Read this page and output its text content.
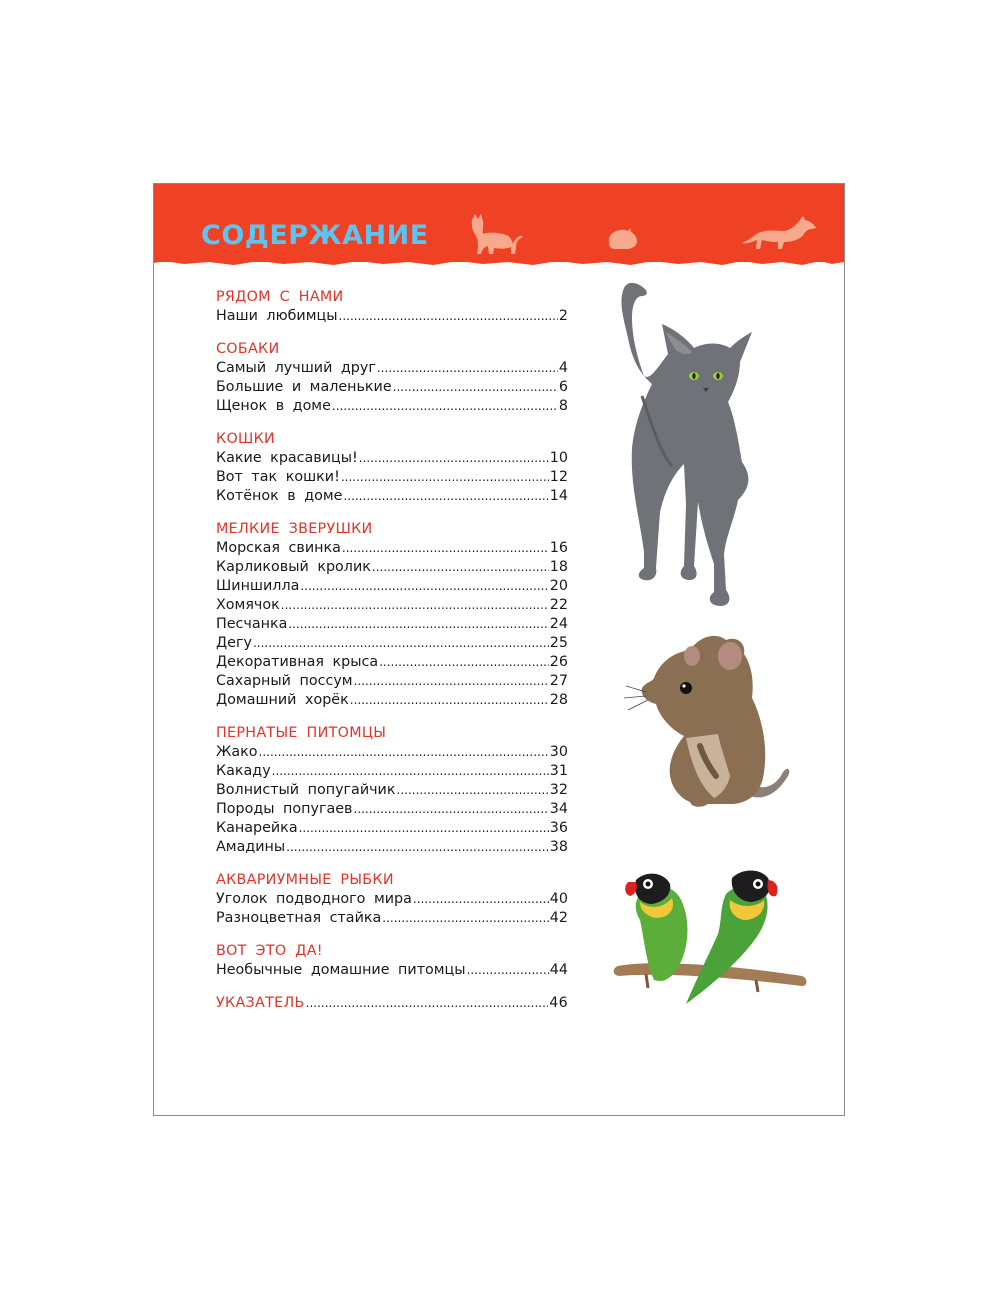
СОДЕРЖАНИЕ
РЯДОМ С НАМИ
Наши любимцы .....	2
СОБАКИ
Самый лучший друг .....	4
Большие и маленькие .....	6
Щенок в доме .....	8
КОШКИ
Какие красавицы! .....	10
Вот так кошки! .....	12
Котёнок в доме .....	14
МЕЛКИЕ ЗВЕРУШКИ
Морская свинка .....	16
Карликовый кролик .....	18
Шиншилла .....	20
Хомячок .....	22
Песчанка .....	24
Дегу .....	25
Декоративная крыса .....	26
Сахарный поссум .....	27
Домашний хорёк .....	28
ПЕРНАТЫЕ ПИТОМЦЫ
Жако .....	30
Какаду .....	31
Волнистый попугайчик .....	32
Породы попугаев .....	34
Канарейка .....	36
Амадины .....	38
АКВАРИУМНЫЕ РЫБКИ
Уголок подводного мира .....	40
Разноцветная стайка .....	42
ВОТ ЭТО ДА!
Необычные домашние питомцы .....	44
УКАЗАТЕЛЬ .....	46
